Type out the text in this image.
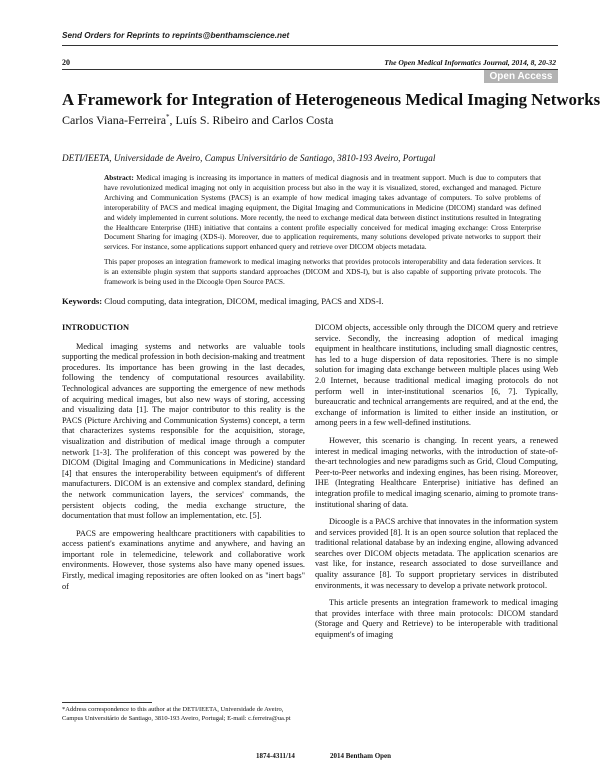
Send Orders for Reprints to reprints@benthamscience.net
20	The Open Medical Informatics Journal, 2014, 8, 20-32
Open Access
A Framework for Integration of Heterogeneous Medical Imaging Networks
Carlos Viana-Ferreira*, Luís S. Ribeiro and Carlos Costa
DETI/IEETA, Universidade de Aveiro, Campus Universitário de Santiago, 3810-193 Aveiro, Portugal

Abstract: Medical imaging is increasing its importance in matters of medical diagnosis and in treatment support. Much is due to computers that have revolutionized medical imaging not only in acquisition process but also in the way it is visualized, stored, exchanged and managed. Picture Archiving and Communication Systems (PACS) is an example of how medical imaging takes advantage of computers. To solve problems of interoperability of PACS and medical imaging equipment, the Digital Imaging and Communications in Medicine (DICOM) standard was defined and widely implemented in current solutions. More recently, the need to exchange medical data between distinct institutions resulted in Integrating the Healthcare Enterprise (IHE) initiative that contains a content profile especially conceived for medical imaging exchange: Cross Enterprise Document Sharing for imaging (XDS-i). Moreover, due to application requirements, many solutions developed private networks to support their services. For instance, some applications support enhanced query and retrieve over DICOM objects metadata.

This paper proposes an integration framework to medical imaging networks that provides protocols interoperability and data federation services. It is an extensible plugin system that supports standard approaches (DICOM and XDS-I), but is also capable of supporting private protocols. The framework is being used in the Dicoogle Open Source PACS.

Keywords: Cloud computing, data integration, DICOM, medical imaging, PACS and XDS-I.
INTRODUCTION

Medical imaging systems and networks are valuable tools supporting the medical profession in both decision-making and treatment procedures. Its importance has been growing in the last decades, following the tendency of computational resources availability. Technological advances are supporting the emergence of new methods of acquiring medical images, but also new ways of storing, accessing and visualizing data [1]. The major contributor to this reality is the PACS (Picture Archiving and Communication Systems) concept, a term that characterizes systems responsible for the acquisition, storage, visualization and distribution of medical image through a computer network [1-3]. The proliferation of this concept was powered by the DICOM (Digital Imaging and Communications in Medicine) standard [4] that ensures the interoperability between equipment's of different manufacturers. DICOM is an extensive and complex standard, defining the network communication layers, the services' commands, the persistent objects coding, the media exchange structure, the documentation that must follow an implementation, etc. [5].

PACS are empowering healthcare practitioners with capabilities to access patient's examinations anytime and anywhere, and having an important role in telemedicine, telework and collaborative work environments. However, those systems also have many opened issues. Firstly, medical imaging repositories are often looked on as "inert bags" of

DICOM objects, accessible only through the DICOM query and retrieve service. Secondly, the increasing adoption of medical imaging equipment in healthcare institutions, including small diagnostic centres, has led to a huge dispersion of data repositories. There is no simple solution for imaging data exchange between multiple places using Web 2.0 Internet, because traditional medical imaging protocols do not perform well in inter-institutional scenarios [6, 7]. Typically, bureaucratic and technical arrangements are required, and at the end, the exchange of information is limited to either inside an institution, or among peers in a few well-defined institutions.

However, this scenario is changing. In recent years, a renewed interest in medical imaging networks, with the introduction of state-of-the-art technologies and new paradigms such as Grid, Cloud Computing, Peer-to-Peer networks and indexing engines, has been rising. Moreover, IHE (Integrating Healthcare Enterprise) initiative has defined an integration profile to medical imaging scenario, aiming to promote trans-institutional sharing of data.

Dicoogle is a PACS archive that innovates in the information system and services provided [8]. It is an open source solution that replaced the traditional relational database by an indexing engine, allowing advanced searches over DICOM objects metadata. The application scenarios are vast like, for instance, research associated to dose surveillance and quality assurance [8]. To support proprietary services in distributed environments, it was necessary to develop a private network protocol.

This article presents an integration framework to medical imaging that provides interface with three main protocols: DICOM standard (Storage and Query and Retrieve) to be interoperable with traditional equipment's of imaging

*Address correspondence to this author at the DETI/IEETA, Universidade de Aveiro, Campus Universitário de Santiago, 3810-193 Aveiro, Portugal; E-mail: c.ferreira@ua.pt
1874-4311/14	2014 Bentham Open
